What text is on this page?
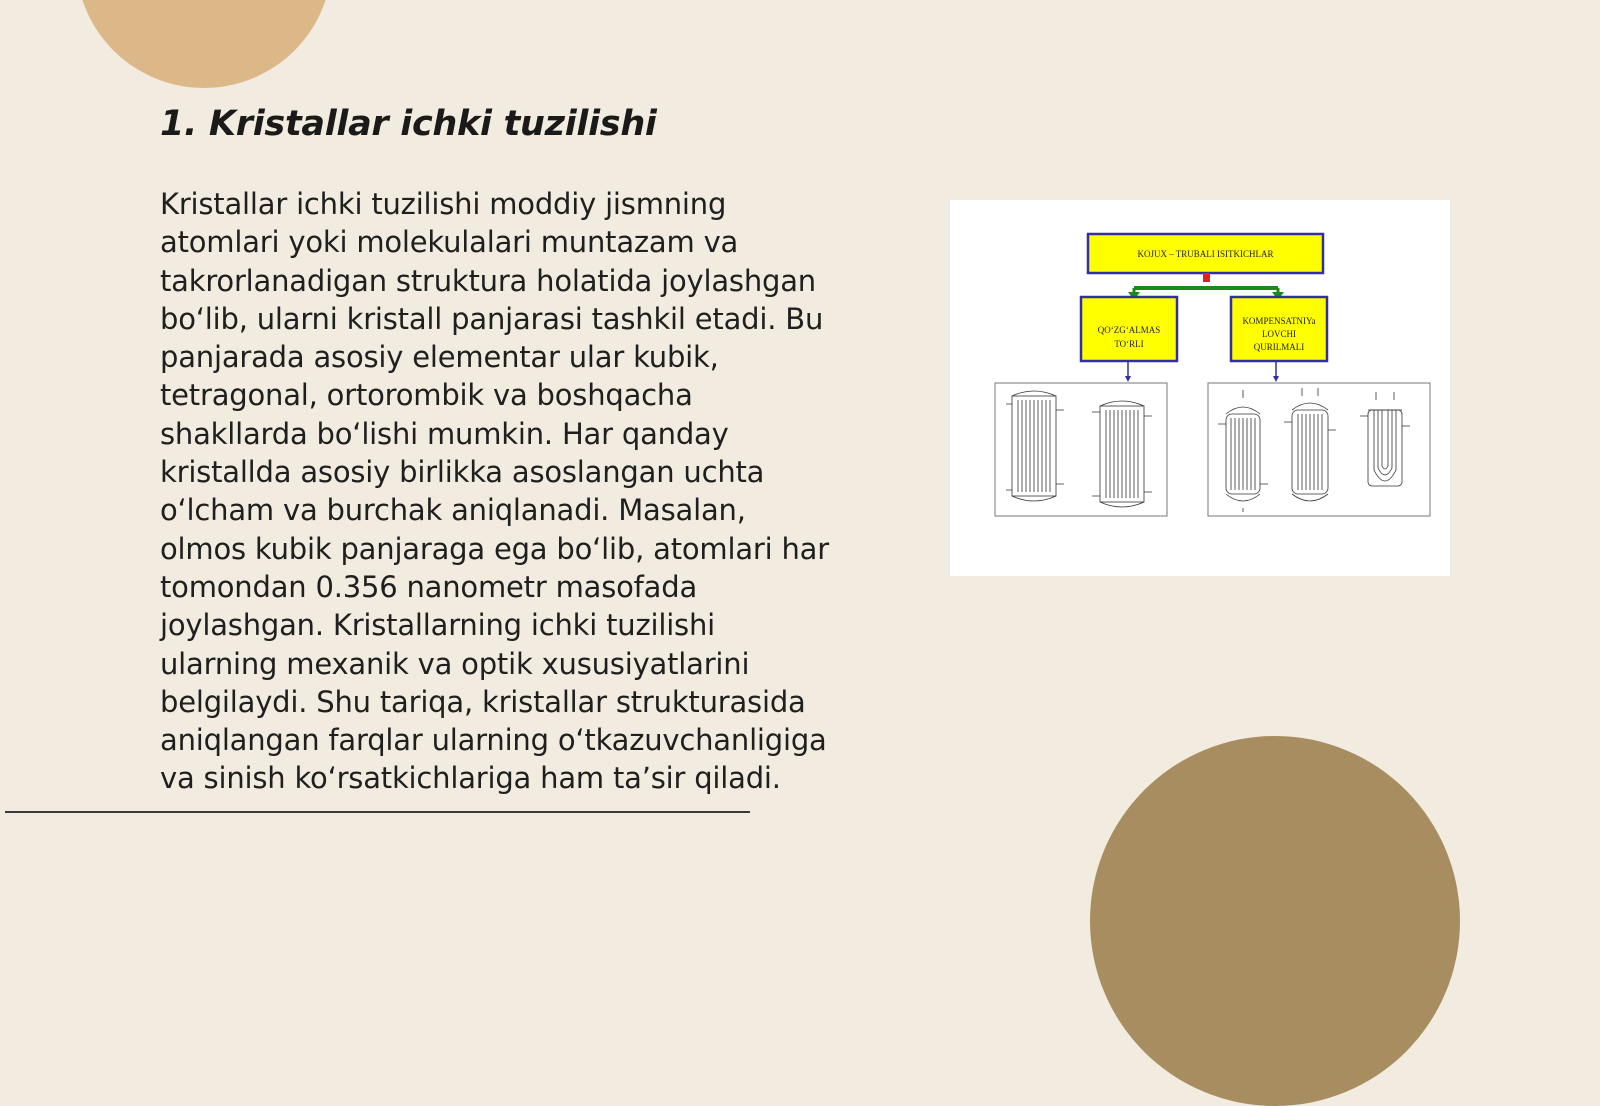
1. Kristallar ichki tuzilishi

Kristallar ichki tuzilishi moddiy jismning atomlari yoki molekulalari muntazam va takrorlanadigan struktura holatida joylashgan boʻlib, ularni kristall panjarasi tashkil etadi. Bu panjarada asosiy elementar ular kubik, tetragonal, ortorombik va boshqacha shakllarda boʻlishi mumkin. Har qanday kristallda asosiy birlikka asoslangan uchta oʻlcham va burchak aniqlanadi. Masalan, olmos kubik panjaraga ega boʻlib, atomlari har tomondan 0.356 nanometr masofada joylashgan. Kristallarning ichki tuzilishi ularning mexanik va optik xususiyatlarini belgilaydi. Shu tariqa, kristallar strukturasida aniqlangan farqlar ularning oʻtkazuvchanligiga va sinish koʻrsatkichlariga ham taʼsir qiladi.

KOJUX – TRUBALI ISITKICHLAR
QOʻZGʻALMAS
TOʻRLI
KOMPENSATNIYa
LOVCHI
QURILMALI
